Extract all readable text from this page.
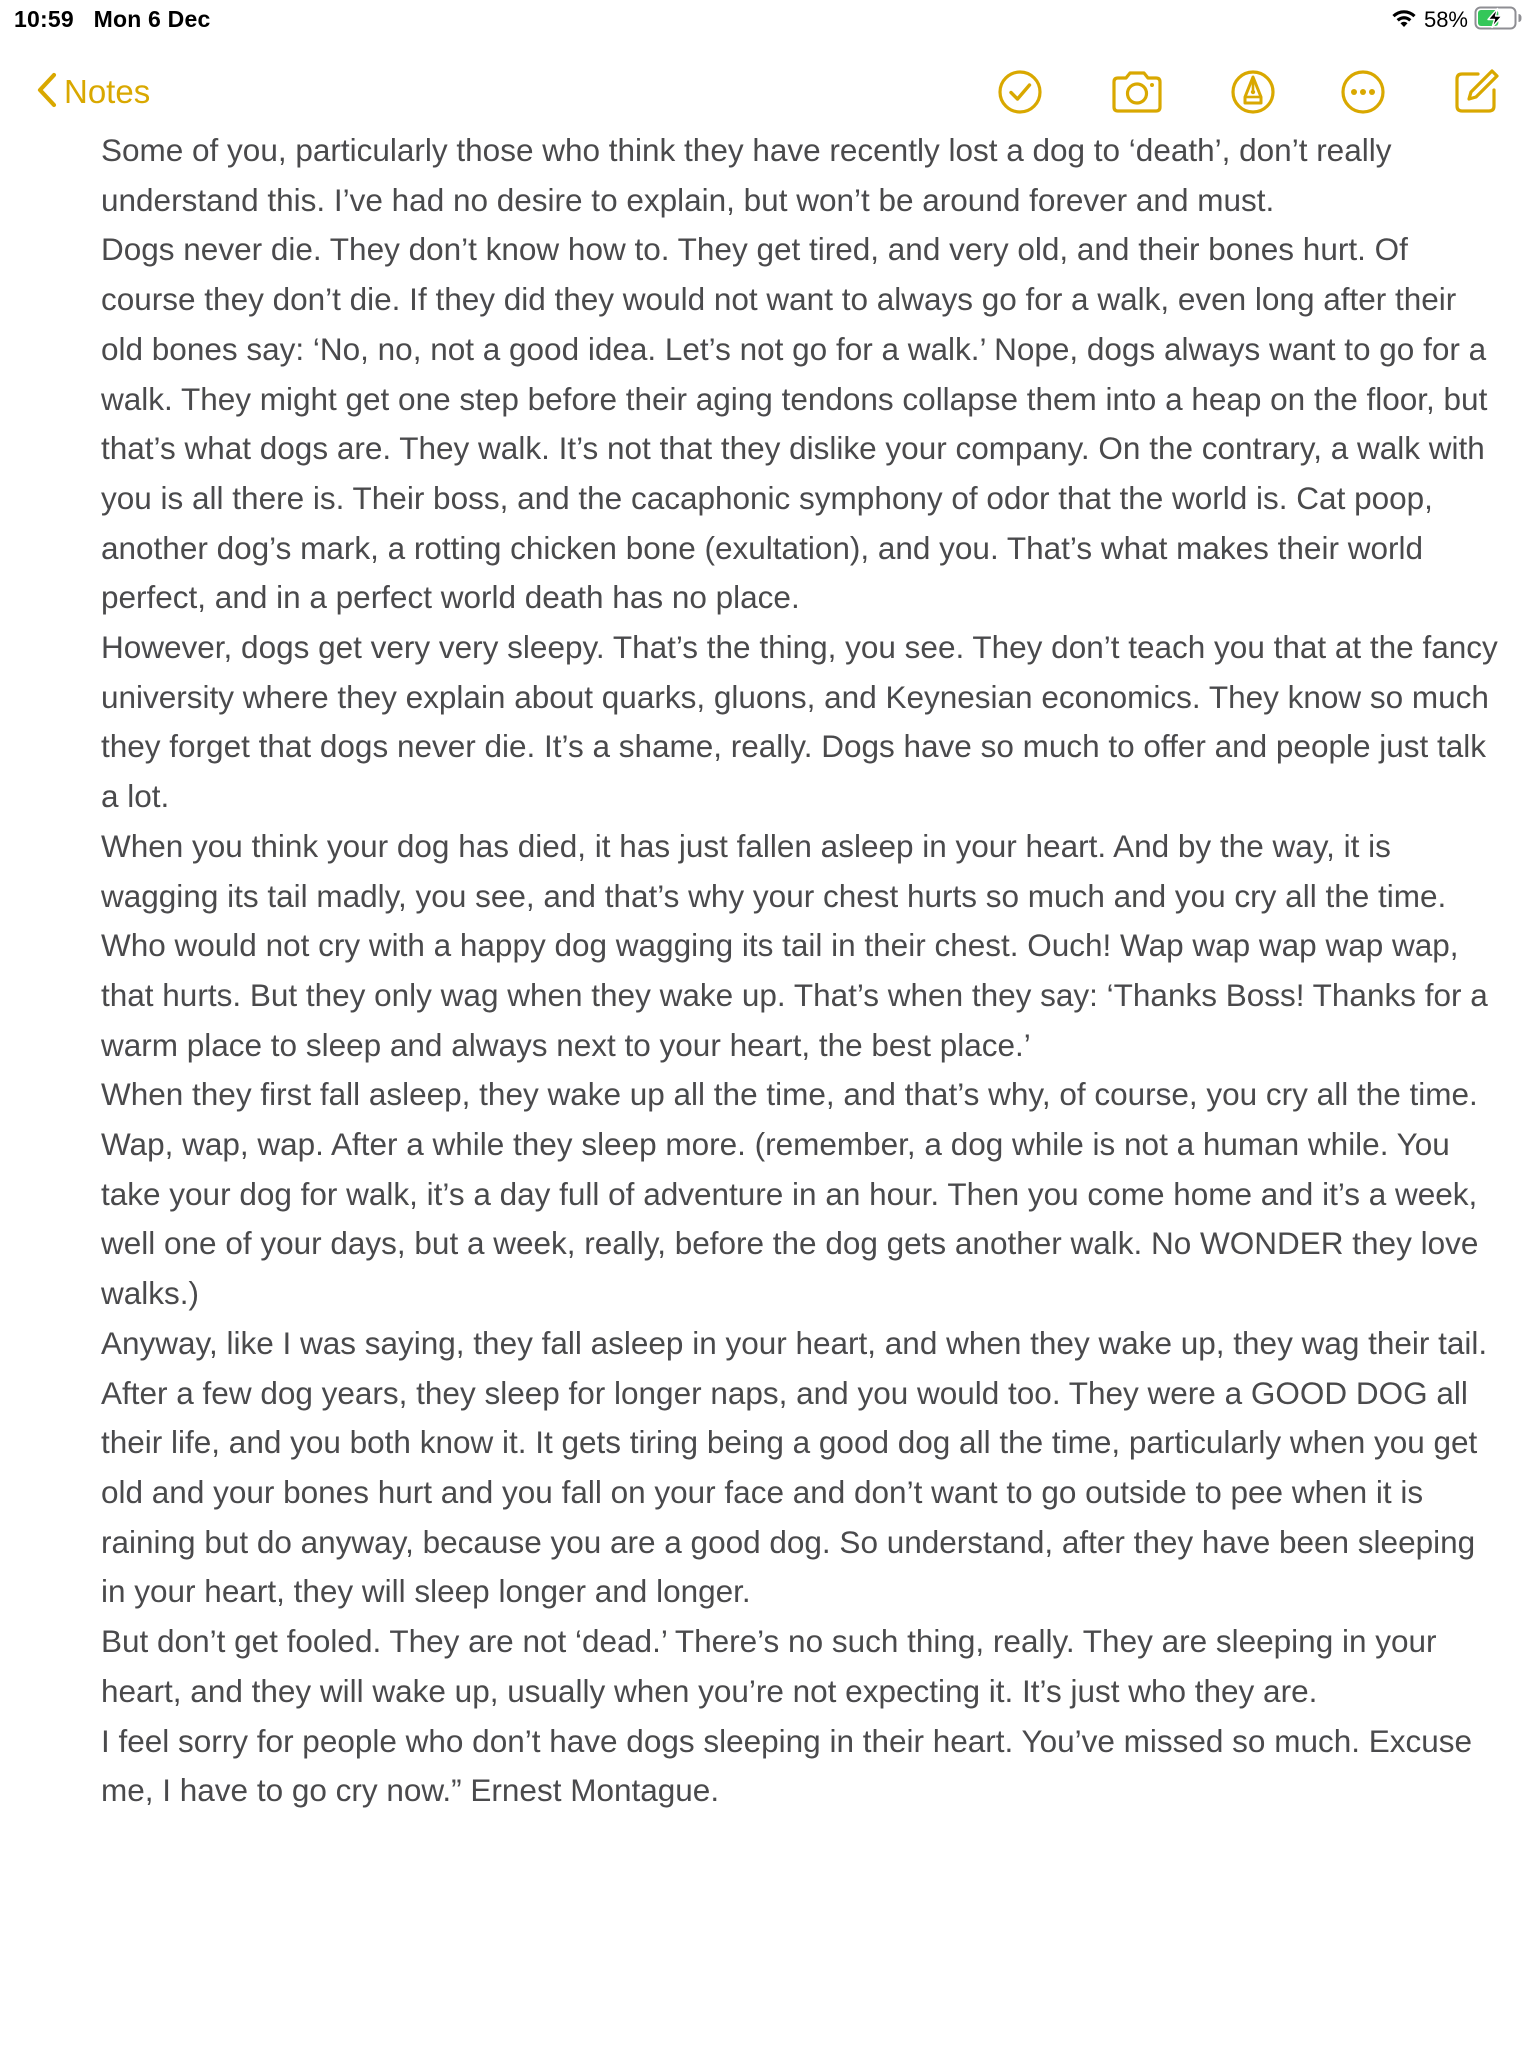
10:59 Mon 6 Dec	58%
Notes

Some of you, particularly those who think they have recently lost a dog to ‘death’, don’t really understand this. I’ve had no desire to explain, but won’t be around forever and must.

Dogs never die. They don’t know how to. They get tired, and very old, and their bones hurt. Of course they don’t die. If they did they would not want to always go for a walk, even long after their old bones say: ‘No, no, not a good idea. Let’s not go for a walk.’ Nope, dogs always want to go for a walk. They might get one step before their aging tendons collapse them into a heap on the floor, but that’s what dogs are. They walk. It’s not that they dislike your company. On the contrary, a walk with you is all there is. Their boss, and the cacaphonic symphony of odor that the world is. Cat poop, another dog’s mark, a rotting chicken bone (exultation), and you. That’s what makes their world perfect, and in a perfect world death has no place.

However, dogs get very very sleepy. That’s the thing, you see. They don’t teach you that at the fancy university where they explain about quarks, gluons, and Keynesian economics. They know so much they forget that dogs never die. It’s a shame, really. Dogs have so much to offer and people just talk a lot.

When you think your dog has died, it has just fallen asleep in your heart. And by the way, it is wagging its tail madly, you see, and that’s why your chest hurts so much and you cry all the time. Who would not cry with a happy dog wagging its tail in their chest. Ouch! Wap wap wap wap wap, that hurts. But they only wag when they wake up. That’s when they say: ‘Thanks Boss! Thanks for a warm place to sleep and always next to your heart, the best place.’

When they first fall asleep, they wake up all the time, and that’s why, of course, you cry all the time. Wap, wap, wap. After a while they sleep more. (remember, a dog while is not a human while. You take your dog for walk, it’s a day full of adventure in an hour. Then you come home and it’s a week, well one of your days, but a week, really, before the dog gets another walk. No WONDER they love walks.)

Anyway, like I was saying, they fall asleep in your heart, and when they wake up, they wag their tail. After a few dog years, they sleep for longer naps, and you would too. They were a GOOD DOG all their life, and you both know it. It gets tiring being a good dog all the time, particularly when you get old and your bones hurt and you fall on your face and don’t want to go outside to pee when it is raining but do anyway, because you are a good dog. So understand, after they have been sleeping in your heart, they will sleep longer and longer.

But don’t get fooled. They are not ‘dead.’ There’s no such thing, really. They are sleeping in your heart, and they will wake up, usually when you’re not expecting it. It’s just who they are.

I feel sorry for people who don’t have dogs sleeping in their heart. You’ve missed so much. Excuse me, I have to go cry now.” Ernest Montague.
